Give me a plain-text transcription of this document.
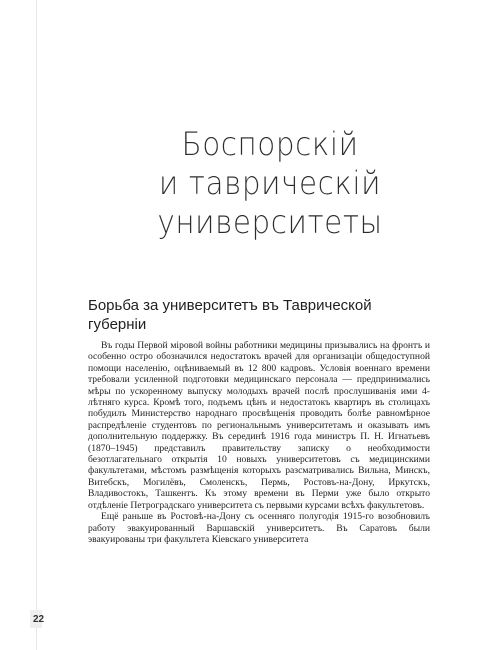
Боспорскій
и таврическій
университеты
Борьба за университетъ въ Таврической губерніи

Въ годы Первой міровой войны работники медицины призывались на фронтъ и особенно остро обозначился недостатокъ врачей для организаціи общедоступной помощи населенію, оцѣниваемый въ 12 800 кадровъ. Условія военнаго времени требовали усиленной подготовки медицинскаго персонала — предпринимались мѣры по ускоренному выпуску молодыхъ врачей послѣ прослушиванія ими 4-лѣтняго курса. Кромѣ того, подъемъ цѣнъ и недостатокъ квартиръ въ столицахъ побудилъ Министерство народнаго просвѣщенія проводить болѣе равномѣрное распредѣленіе студентовъ по региональнымъ университетамъ и оказывать имъ дополнительную поддержку. Въ серединѣ 1916 года министръ П. Н. Игнатьевъ (1870–1945) представилъ правительству записку о необходимости безотлагательнаго открытія 10 новыхъ университетовъ съ медицинскими факультетами, мѣстомъ размѣщенія которыхъ разсматривались Вильна, Минскъ, Витебскъ, Могилёвъ, Смоленскъ, Пермь, Ростовъ-на-Дону, Иркутскъ, Владивостокъ, Ташкентъ. Къ этому времени въ Перми уже было открыто отдѣленіе Петроградскаго университета съ первыми курсами всѣхъ факультетовъ.

Ещё раньше въ Ростовѣ-на-Дону съ осенняго полугодія 1915-го возобновилъ работу эвакуированный Варшавскій университетъ. Въ Саратовъ были эвакуированы три факультета Кіевскаго университета

22
